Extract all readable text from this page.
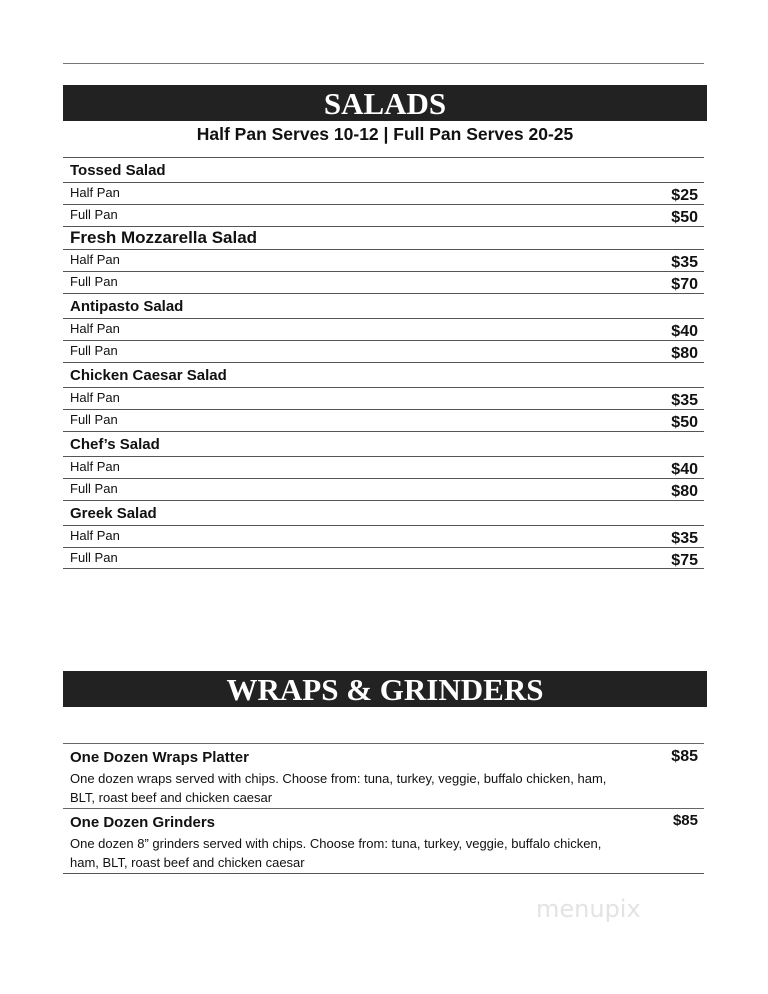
SALADS
Half Pan Serves 10-12 | Full Pan Serves 20-25
Tossed Salad
Half Pan	$25
Full Pan	$50
Fresh Mozzarella Salad
Half Pan	$35
Full Pan	$70
Antipasto Salad
Half Pan	$40
Full Pan	$80
Chicken Caesar Salad
Half Pan	$35
Full Pan	$50
Chef’s Salad
Half Pan	$40
Full Pan	$80
Greek Salad
Half Pan	$35
Full Pan	$75
WRAPS & GRINDERS
One Dozen Wraps Platter
One dozen wraps served with chips. Choose from: tuna, turkey, veggie, buffalo chicken, ham, BLT, roast beef and chicken caesar
$85
One Dozen Grinders
One dozen 8” grinders served with chips. Choose from: tuna, turkey, veggie, buffalo chicken, ham, BLT, roast beef and chicken caesar
$85
menupix
